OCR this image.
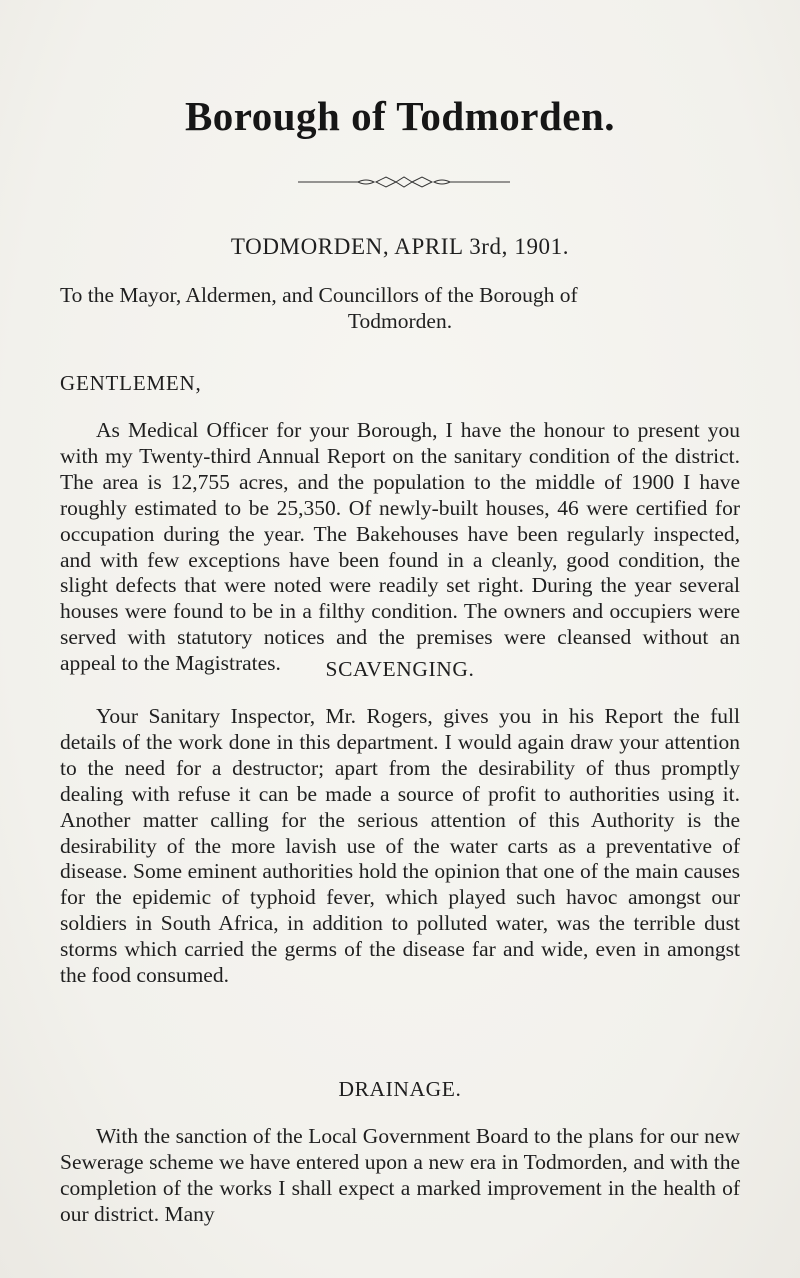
Borough of Todmorden.
TODMORDEN, APRIL 3rd, 1901.
To the Mayor, Aldermen, and Councillors of the Borough of
Todmorden.
GENTLEMEN,
As Medical Officer for your Borough, I have the honour to present you with my Twenty-third Annual Report on the sanitary condition of the district. The area is 12,755 acres, and the population to the middle of 1900 I have roughly estimated to be 25,350. Of newly-built houses, 46 were certified for occupation during the year. The Bakehouses have been regularly inspected, and with few exceptions have been found in a cleanly, good condition, the slight defects that were noted were readily set right. During the year several houses were found to be in a filthy condition. The owners and occupiers were served with statutory notices and the premises were cleansed without an appeal to the Magistrates.	SCAVENGING.
Your Sanitary Inspector, Mr. Rogers, gives you in his Report the full details of the work done in this department. I would again draw your attention to the need for a destructor; apart from the desirability of thus promptly dealing with refuse it can be made a source of profit to authorities using it. Another matter calling for the serious attention of this Authority is the desirability of the more lavish use of the water carts as a preventative of disease. Some eminent authorities hold the opinion that one of the main causes for the epidemic of typhoid fever, which played such havoc amongst our soldiers in South Africa, in addition to polluted water, was the terrible dust storms which carried the germs of the disease far and wide, even in amongst the food consumed.
DRAINAGE.
With the sanction of the Local Government Board to the plans for our new Sewerage scheme we have entered upon a new era in Todmorden, and with the completion of the works I shall expect a marked improvement in the health of our district. Many
